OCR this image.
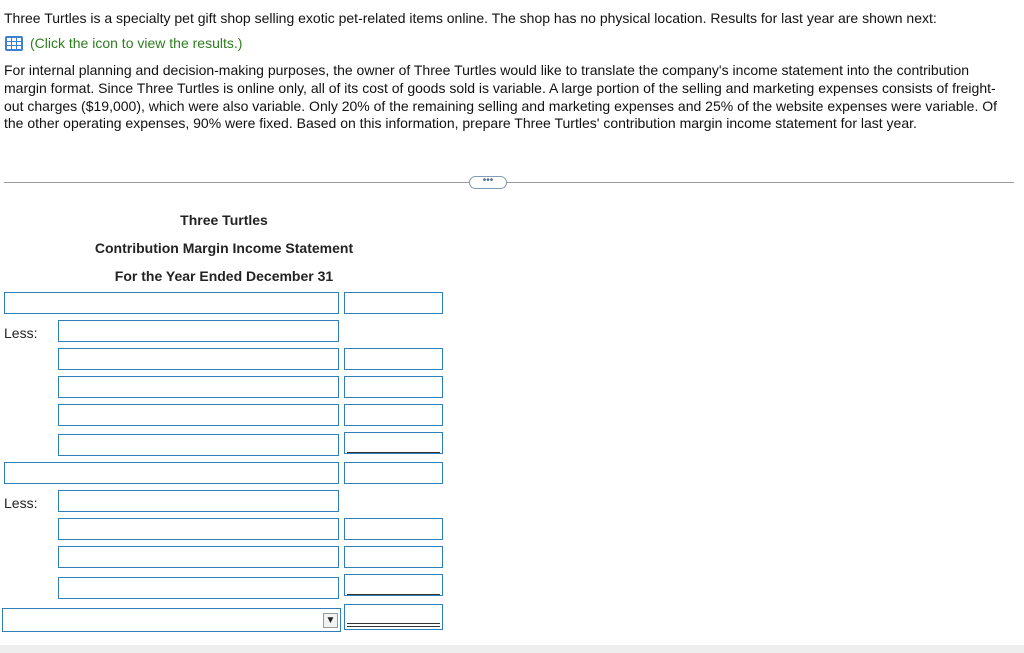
Three Turtles is a specialty pet gift shop selling exotic pet-related items online. The shop has no physical location. Results for last year are shown next:
(Click the icon to view the results.)
For internal planning and decision-making purposes, the owner of Three Turtles would like to translate the company's income statement into the contribution margin format. Since Three Turtles is online only, all of its cost of goods sold is variable. A large portion of the selling and marketing expenses consists of freight-out charges ($19,000), which were also variable. Only 20% of the remaining selling and marketing expenses and 25% of the website expenses were variable. Of the other operating expenses, 90% were fixed. Based on this information, prepare Three Turtles' contribution margin income statement for last year.
•••
Three Turtles
Contribution Margin Income Statement
For the Year Ended December 31
Less:
Less:
▼
